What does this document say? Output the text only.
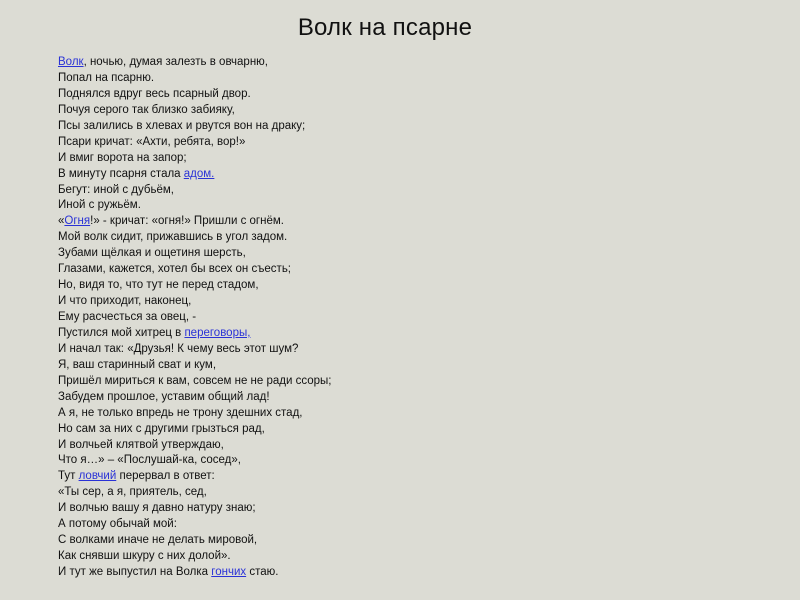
Волк на псарне
Волк, ночью, думая залезть в овчарню,
Попал на псарню.
Поднялся вдруг весь псарный двор.
Почуя серого так близко забияку,
Псы залились в хлевах и рвутся вон на драку;
Псари кричат: «Ахти, ребята, вор!»
И вмиг ворота на запор;
В минуту псарня стала адом.
Бегут: иной с дубьём,
Иной с ружьём.
«Огня!» - кричат: «огня!» Пришли с огнём.
Мой волк сидит, прижавшись в угол задом.
Зубами щёлкая и ощетиня шерсть,
Глазами, кажется, хотел бы всех он съесть;
Но, видя то, что тут не перед стадом,
И что приходит, наконец,
Ему расчесться за овец, -
Пустился мой хитрец в переговоры,
И начал так: «Друзья! К чему весь этот шум?
Я, ваш старинный сват и кум,
Пришёл мириться к вам, совсем не не ради ссоры;
Забудем прошлое, уставим общий лад!
А я, не только впредь не трону здешних стад,
Но сам за них с другими грызться рад,
И волчьей клятвой утверждаю,
Что я…» – «Послушай-ка, сосед»,
Тут ловчий перервал в ответ:
«Ты сер, а я, приятель, сед,
И волчью вашу я давно натуру знаю;
А потому обычай мой:
С волками иначе не делать мировой,
Как снявши шкуру с них долой».
И тут же выпустил на Волка гончих стаю.
